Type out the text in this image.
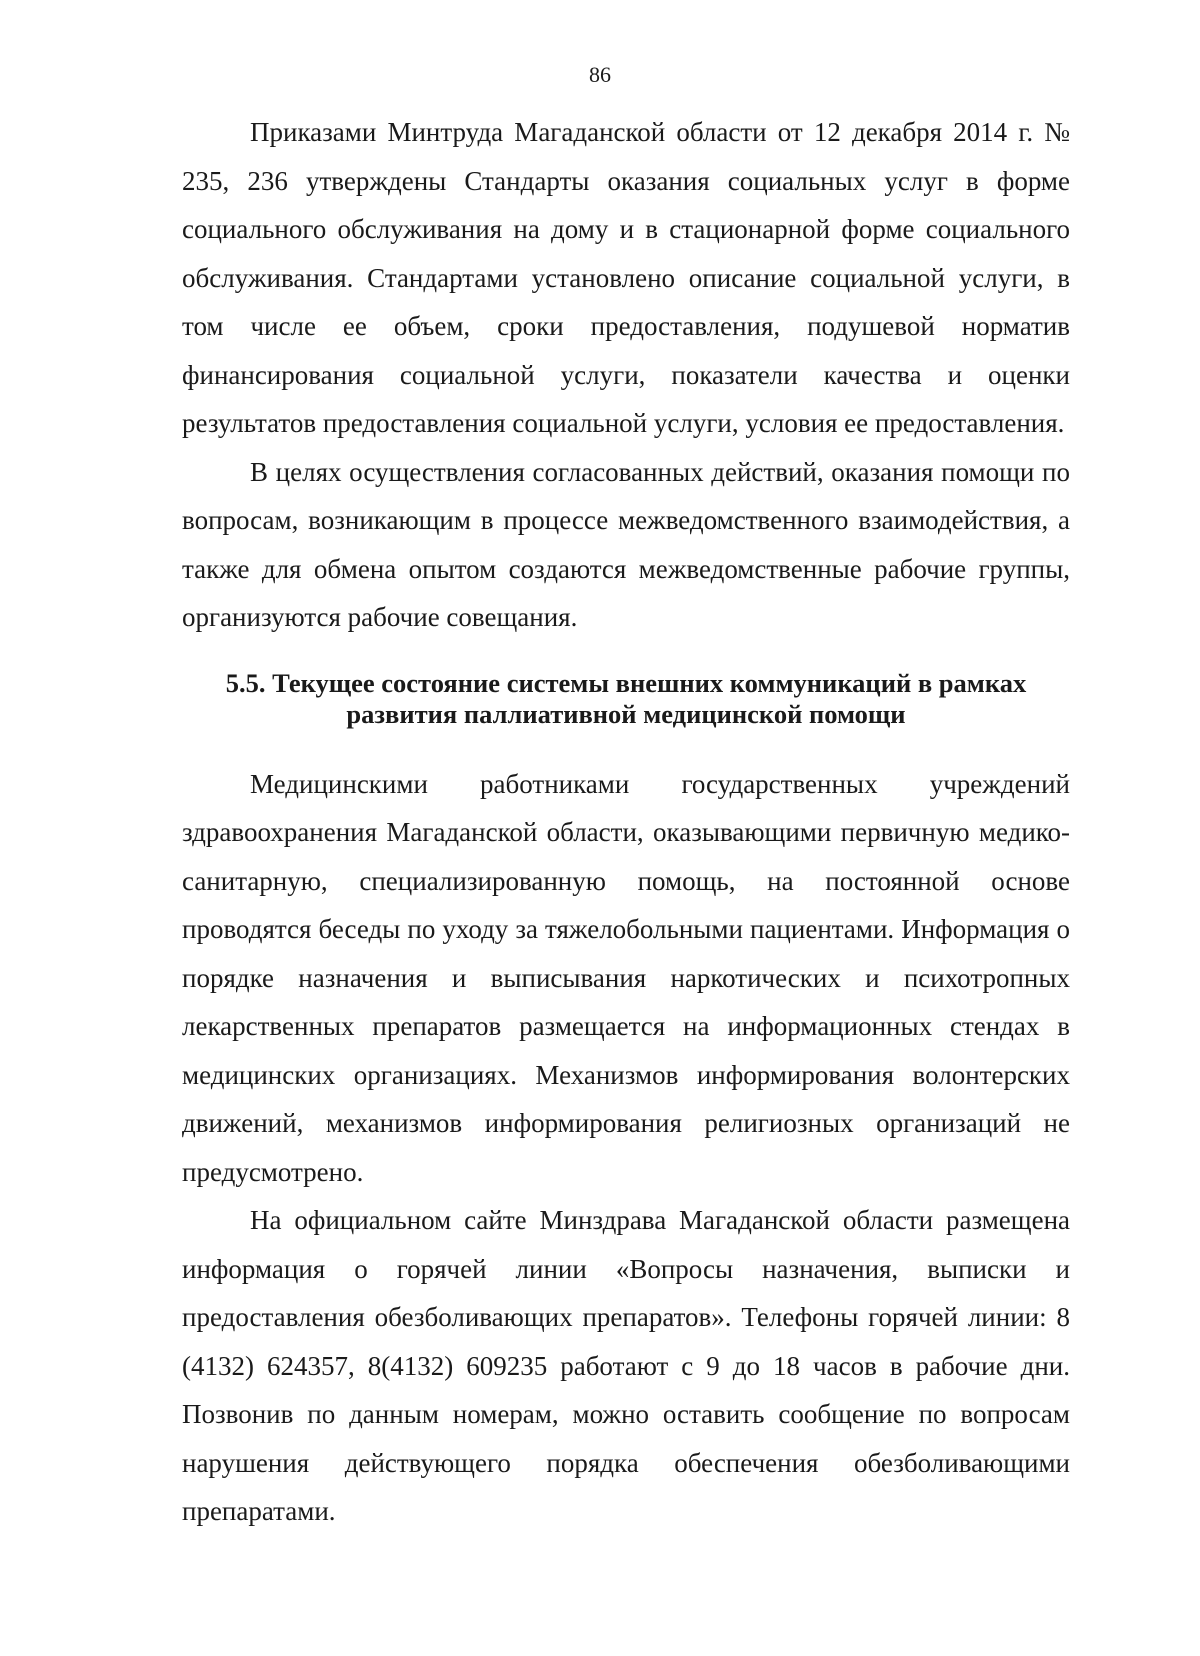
86

Приказами Минтруда Магаданской области от 12 декабря 2014 г. № 235, 236 утверждены Стандарты оказания социальных услуг в форме социального обслуживания на дому и в стационарной форме социального обслуживания. Стандартами установлено описание социальной услуги, в том числе ее объем, сроки предоставления, подушевой норматив финансирования социальной услуги, показатели качества и оценки результатов предоставления социальной услуги, условия ее предоставления.

В целях осуществления согласованных действий, оказания помощи по вопросам, возникающим в процессе межведомственного взаимодействия, а также для обмена опытом создаются межведомственные рабочие группы, организуются рабочие совещания.

5.5. Текущее состояние системы внешних коммуникаций в рамках
развития паллиативной медицинской помощи

Медицинскими работниками государственных учреждений здравоохранения Магаданской области, оказывающими первичную медико-санитарную, специализированную помощь, на постоянной основе проводятся беседы по уходу за тяжелобольными пациентами. Информация о порядке назначения и выписывания наркотических и психотропных лекарственных препаратов размещается на информационных стендах в медицинских организациях. Механизмов информирования волонтерских движений, механизмов информирования религиозных организаций не предусмотрено.

На официальном сайте Минздрава Магаданской области размещена информация о горячей линии «Вопросы назначения, выписки и предоставления обезболивающих препаратов». Телефоны горячей линии: 8 (4132) 624357, 8(4132) 609235 работают с 9 до 18 часов в рабочие дни. Позвонив по данным номерам, можно оставить сообщение по вопросам нарушения действующего порядка обеспечения обезболивающими препаратами.
